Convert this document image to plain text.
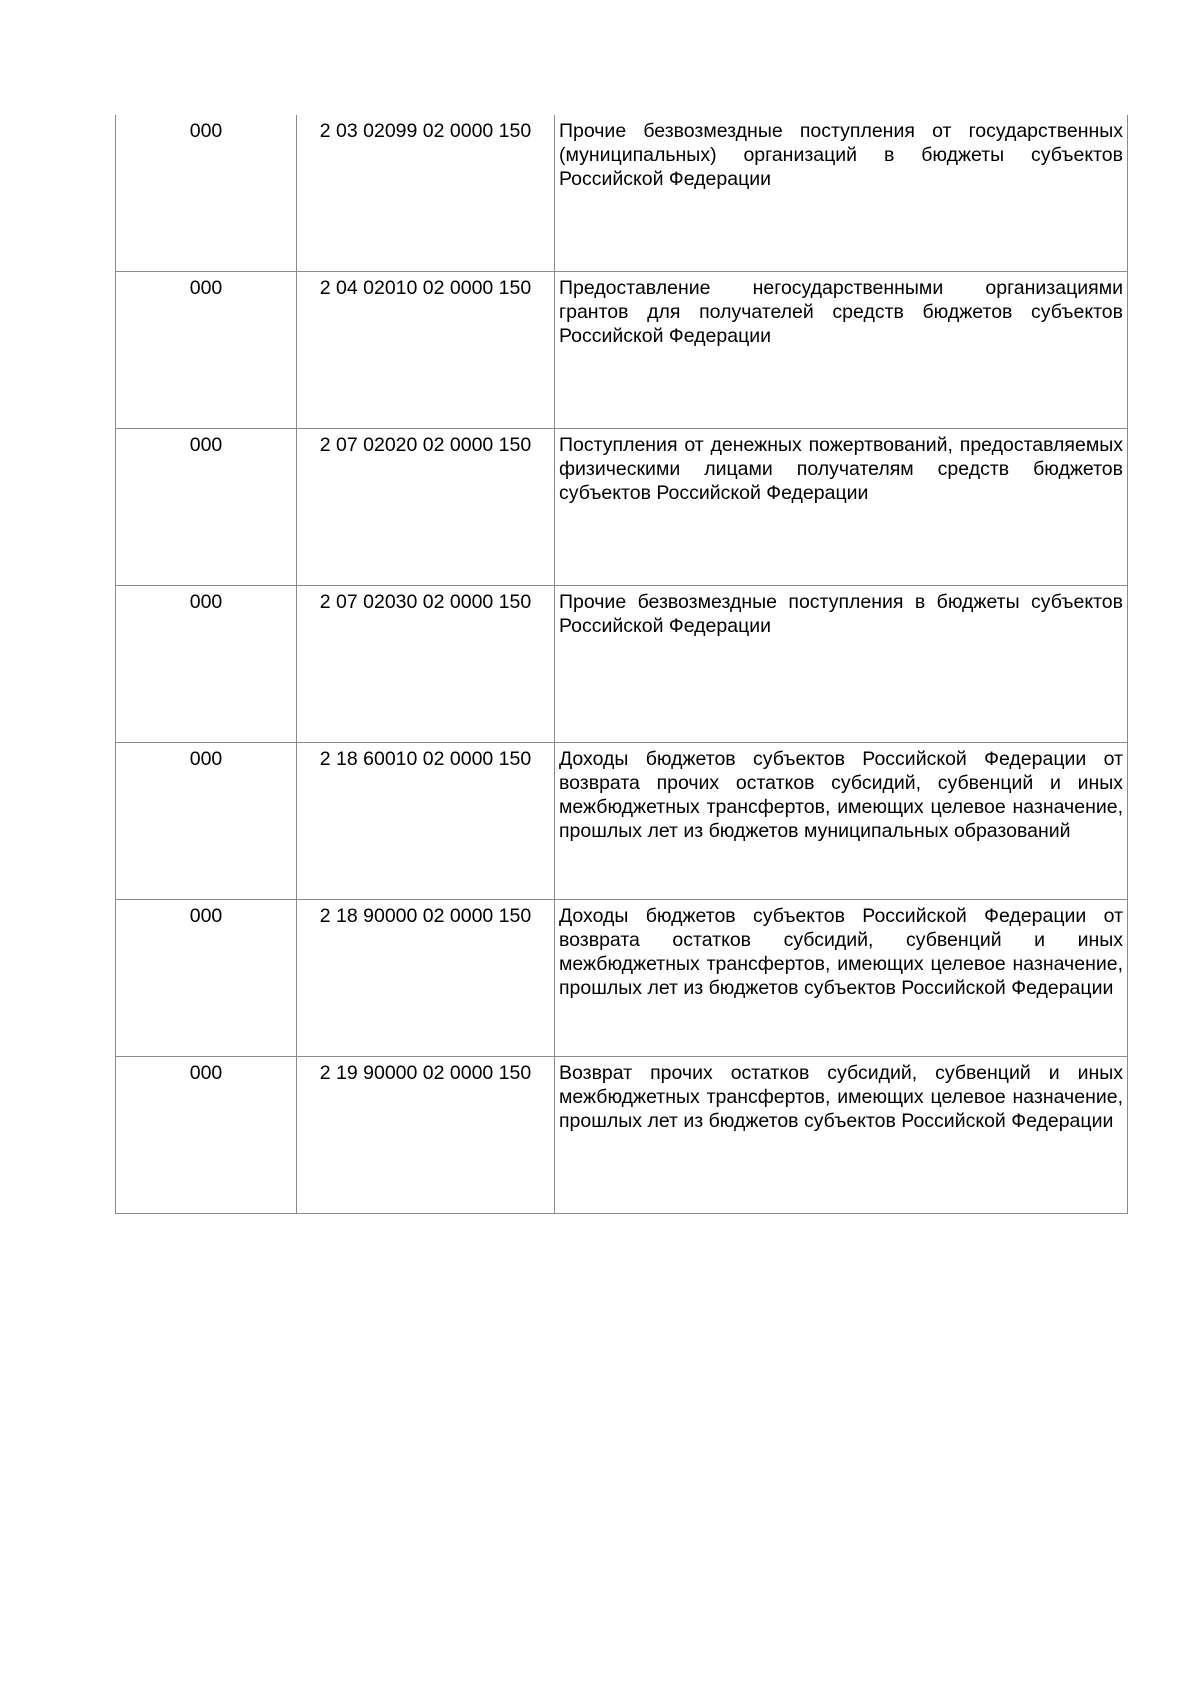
000	2 03 02099 02 0000 150	Прочие безвозмездные поступления от государственных (муниципальных) организаций в бюджеты субъектов Российской Федерации
000	2 04 02010 02 0000 150	Предоставление негосударственными организациями грантов для получателей средств бюджетов субъектов Российской Федерации
000	2 07 02020 02 0000 150	Поступления от денежных пожертвований, предоставляемых физическими лицами получателям средств бюджетов субъектов Российской Федерации
000	2 07 02030 02 0000 150	Прочие безвозмездные поступления в бюджеты субъектов Российской Федерации
000	2 18 60010 02 0000 150	Доходы бюджетов субъектов Российской Федерации от возврата прочих остатков субсидий, субвенций и иных межбюджетных трансфертов, имеющих целевое назначение, прошлых лет из бюджетов муниципальных образований
000	2 18 90000 02 0000 150	Доходы бюджетов субъектов Российской Федерации от возврата остатков субсидий, субвенций и иных межбюджетных трансфертов, имеющих целевое назначение, прошлых лет из бюджетов субъектов Российской Федерации
000	2 19 90000 02 0000 150	Возврат прочих остатков субсидий, субвенций и иных межбюджетных трансфертов, имеющих целевое назначение, прошлых лет из бюджетов субъектов Российской Федерации
